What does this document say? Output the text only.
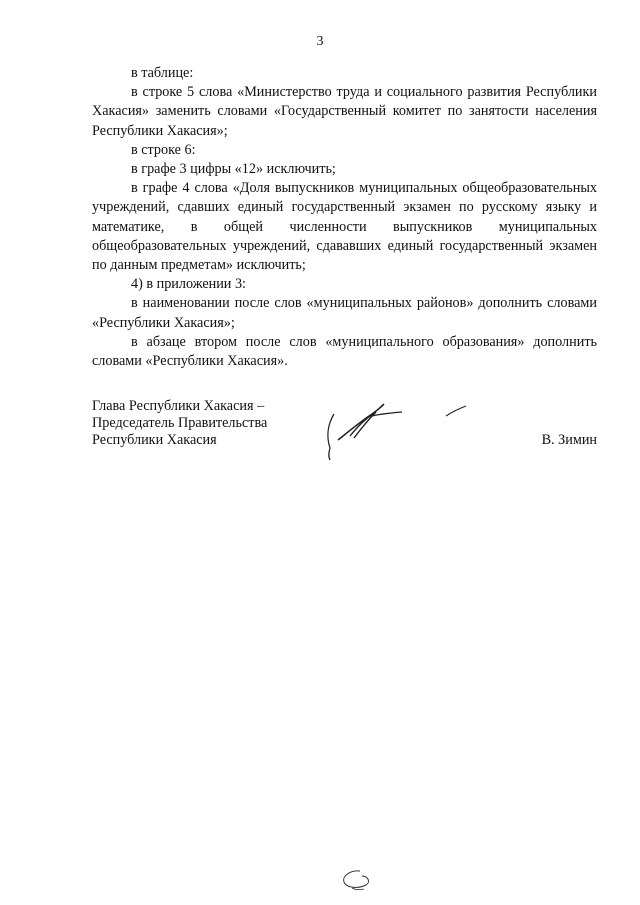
3

в таблице:

в строке 5 слова «Министерство труда и социального развития Республики Хакасия» заменить словами «Государственный комитет по занятости населения Республики Хакасия»;

в строке 6:

в графе 3 цифры «12» исключить;

в графе 4 слова «Доля выпускников муниципальных общеобразовательных учреждений, сдавших единый государственный экзамен по русскому языку и математике, в общей численности выпускников муниципальных общеобразовательных учреждений, сдававших единый государственный экзамен по данным предметам» исключить;

4) в приложении 3:

в наименовании после слов «муниципальных районов» дополнить словами «Республики Хакасия»;

в абзаце втором после слов «муниципального образования» дополнить словами «Республики Хакасия».

Глава Республики Хакасия –
Председатель Правительства
Республики Хакасия	В. Зимин
